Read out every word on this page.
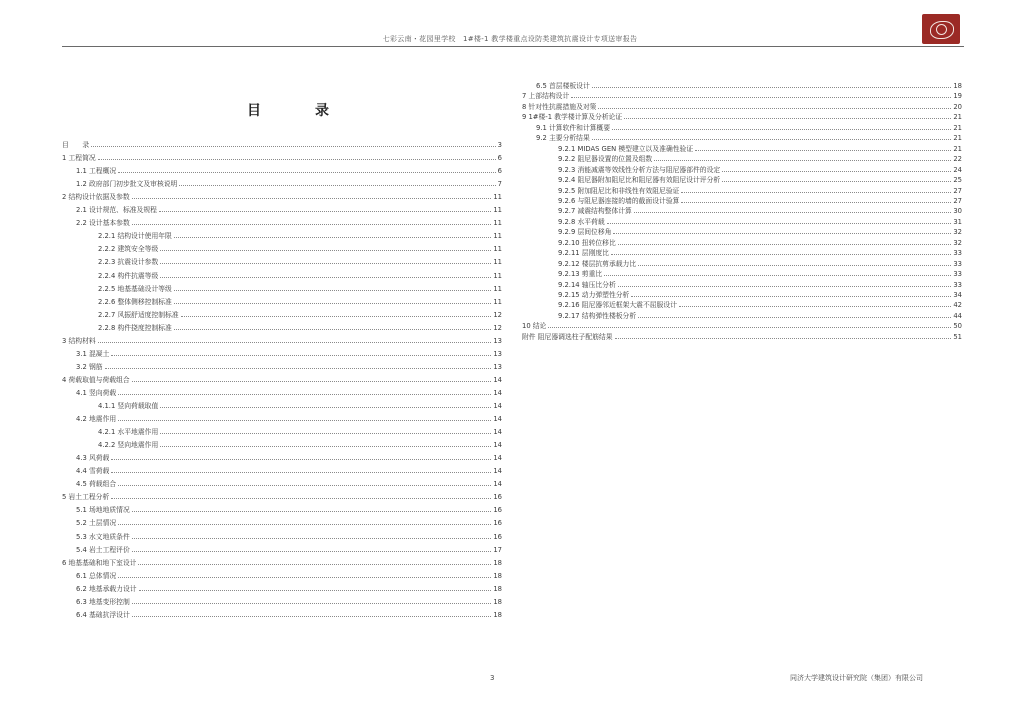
七彩云南・花园里学校　1#楼-1 教学楼重点设防类建筑抗震设计专项送审报告
目　录
目　　录	3
1 工程简况	6
1.1 工程概况	6
1.2 政府部门初步批文及审核说明	7
2 结构设计依据及参数	11
2.1 设计规范、标准及规程	11
2.2 设计基本参数	11
2.2.1 结构设计使用年限	11
2.2.2 建筑安全等级	11
2.2.3 抗震设计参数	11
2.2.4 构件抗震等级	11
2.2.5 地基基础设计等级	11
2.2.6 整体侧移控制标准	11
2.2.7 风振舒适度控制标准	12
2.2.8 构件挠度控制标准	12
3 结构材料	13
3.1 混凝土	13
3.2 钢筋	13
4 荷载取值与荷载组合	14
4.1 竖向荷载	14
4.1.1 竖向荷载取值	14
4.2 地震作用	14
4.2.1 水平地震作用	14
4.2.2 竖向地震作用	14
4.3 风荷载	14
4.4 雪荷载	14
4.5 荷载组合	14
5 岩土工程分析	16
5.1 场地地质情况	16
5.2 土层情况	16
5.3 水文地质条件	16
5.4 岩土工程评价	17
6 地基基础和地下室设计	18
6.1 总体情况	18
6.2 地基承载力设计	18
6.3 地基变形控制	18
6.4 基础抗浮设计	18
6.5 首层楼板设计	18
7 上部结构设计	19
8 针对性抗震措施及对策	20
9 1#楼-1 教学楼计算及分析论证	21
9.1 计算软件和计算概要	21
9.2 主要分析结果	21
9.2.1 MIDAS GEN 模型建立以及准确性验证	21
9.2.2 阻尼器设置的位置及组数	22
9.2.3 消能减震等效线性分析方法与阻尼器部件的设定	24
9.2.4 阻尼器附加阻尼比和阻尼器有效阻尼设计评分析	25
9.2.5 附加阻尼比和非线性有效阻尼验证	27
9.2.6 与阻尼器连接的墙的截面设计验算	27
9.2.7 减震结构整体计算	30
9.2.8 水平荷载	31
9.2.9 层间位移角	32
9.2.10 扭转位移比	32
9.2.11 层刚度比	33
9.2.12 楼层抗剪承载力比	33
9.2.13 剪重比	33
9.2.14 轴压比分析	33
9.2.15 动力弹塑性分析	34
9.2.16 阻尼器邻近框架大震不屈服设计	42
9.2.17 结构弹性楼板分析	44
10 结论	50
附件 阻尼器调选柱子配筋结果	51
3	同济大学建筑设计研究院（集团）有限公司
